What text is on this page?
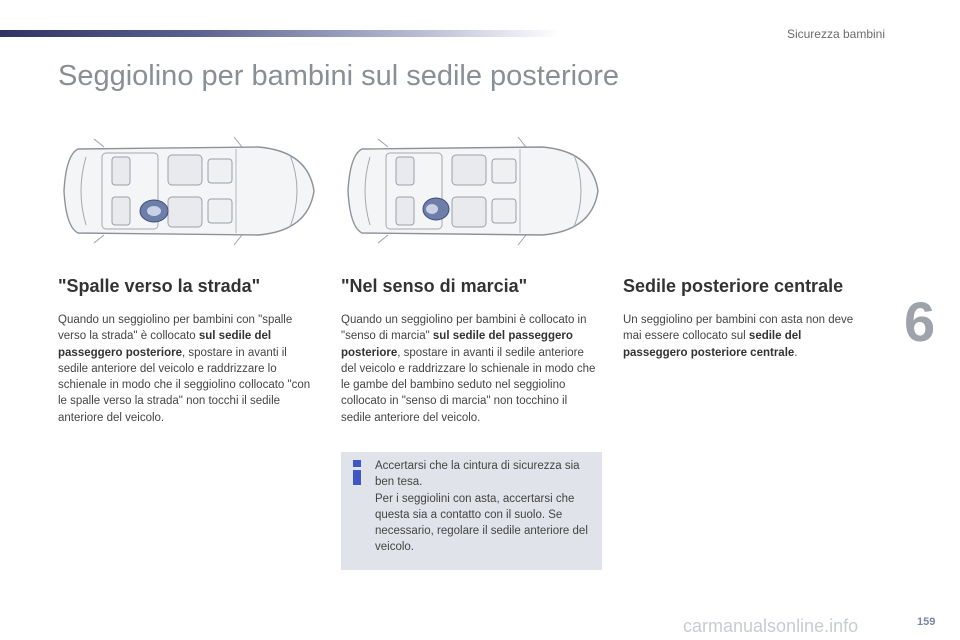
Sicurezza bambini
Seggiolino per bambini sul sedile posteriore
"Spalle verso la strada"

Quando un seggiolino per bambini con "spalle verso la strada" è collocato sul sedile del passeggero posteriore, spostare in avanti il sedile anteriore del veicolo e raddrizzare lo schienale in modo che il seggiolino collocato "con le spalle verso la strada" non tocchi il sedile anteriore del veicolo.

"Nel senso di marcia"

Quando un seggiolino per bambini è collocato in "senso di marcia" sul sedile del passeggero posteriore, spostare in avanti il sedile anteriore del veicolo e raddrizzare lo schienale in modo che le gambe del bambino seduto nel seggiolino collocato in "senso di marcia" non tocchino il sedile anteriore del veicolo.

Sedile posteriore centrale

Un seggiolino per bambini con asta non deve mai essere collocato sul sedile del passeggero posteriore centrale.

Accertarsi che la cintura di sicurezza sia ben tesa.
Per i seggiolini con asta, accertarsi che questa sia a contatto con il suolo. Se necessario, regolare il sedile anteriore del veicolo.
6
159
carmanualsonline.info
